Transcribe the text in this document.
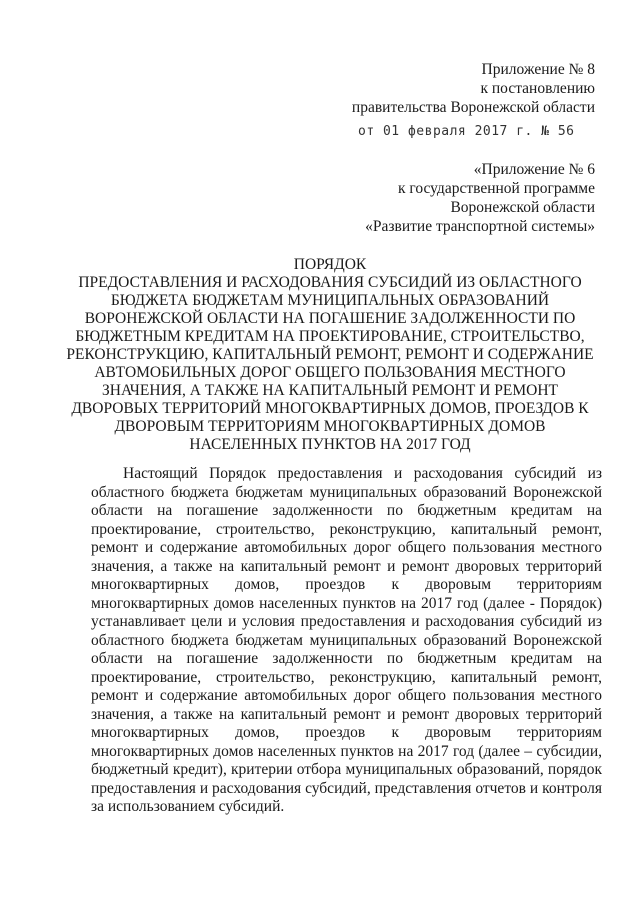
Приложение № 8
к постановлению
правительства Воронежской области
от 01 февраля 2017 г. № 56
«Приложение № 6
к государственной программе
Воронежской области
«Развитие транспортной системы»
ПОРЯДОК
ПРЕДОСТАВЛЕНИЯ И РАСХОДОВАНИЯ СУБСИДИЙ ИЗ ОБЛАСТНОГО БЮДЖЕТА БЮДЖЕТАМ МУНИЦИПАЛЬНЫХ ОБРАЗОВАНИЙ ВОРОНЕЖСКОЙ ОБЛАСТИ НА ПОГАШЕНИЕ ЗАДОЛЖЕННОСТИ ПО БЮДЖЕТНЫМ КРЕДИТАМ НА ПРОЕКТИРОВАНИЕ, СТРОИТЕЛЬСТВО, РЕКОНСТРУКЦИЮ, КАПИТАЛЬНЫЙ РЕМОНТ, РЕМОНТ И СОДЕРЖАНИЕ АВТОМОБИЛЬНЫХ ДОРОГ ОБЩЕГО ПОЛЬЗОВАНИЯ МЕСТНОГО ЗНАЧЕНИЯ, А ТАКЖЕ НА КАПИТАЛЬНЫЙ РЕМОНТ И РЕМОНТ ДВОРОВЫХ ТЕРРИТОРИЙ МНОГОКВАРТИРНЫХ ДОМОВ, ПРОЕЗДОВ К ДВОРОВЫМ ТЕРРИТОРИЯМ МНОГОКВАРТИРНЫХ ДОМОВ НАСЕЛЕННЫХ ПУНКТОВ НА 2017 ГОД

Настоящий Порядок предоставления и расходования субсидий из областного бюджета бюджетам муниципальных образований Воронежской области на погашение задолженности по бюджетным кредитам на проектирование, строительство, реконструкцию, капитальный ремонт, ремонт и содержание автомобильных дорог общего пользования местного значения, а также на капитальный ремонт и ремонт дворовых территорий многоквартирных домов, проездов к дворовым территориям многоквартирных домов населенных пунктов на 2017 год (далее - Порядок) устанавливает цели и условия предоставления и расходования субсидий из областного бюджета бюджетам муниципальных образований Воронежской области на погашение задолженности по бюджетным кредитам на проектирование, строительство, реконструкцию, капитальный ремонт, ремонт и содержание автомобильных дорог общего пользования местного значения, а также на капитальный ремонт и ремонт дворовых территорий многоквартирных домов, проездов к дворовым территориям многоквартирных домов населенных пунктов на 2017 год (далее – субсидии, бюджетный кредит), критерии отбора муниципальных образований, порядок предоставления и расходования субсидий, представления отчетов и контроля за использованием субсидий.
